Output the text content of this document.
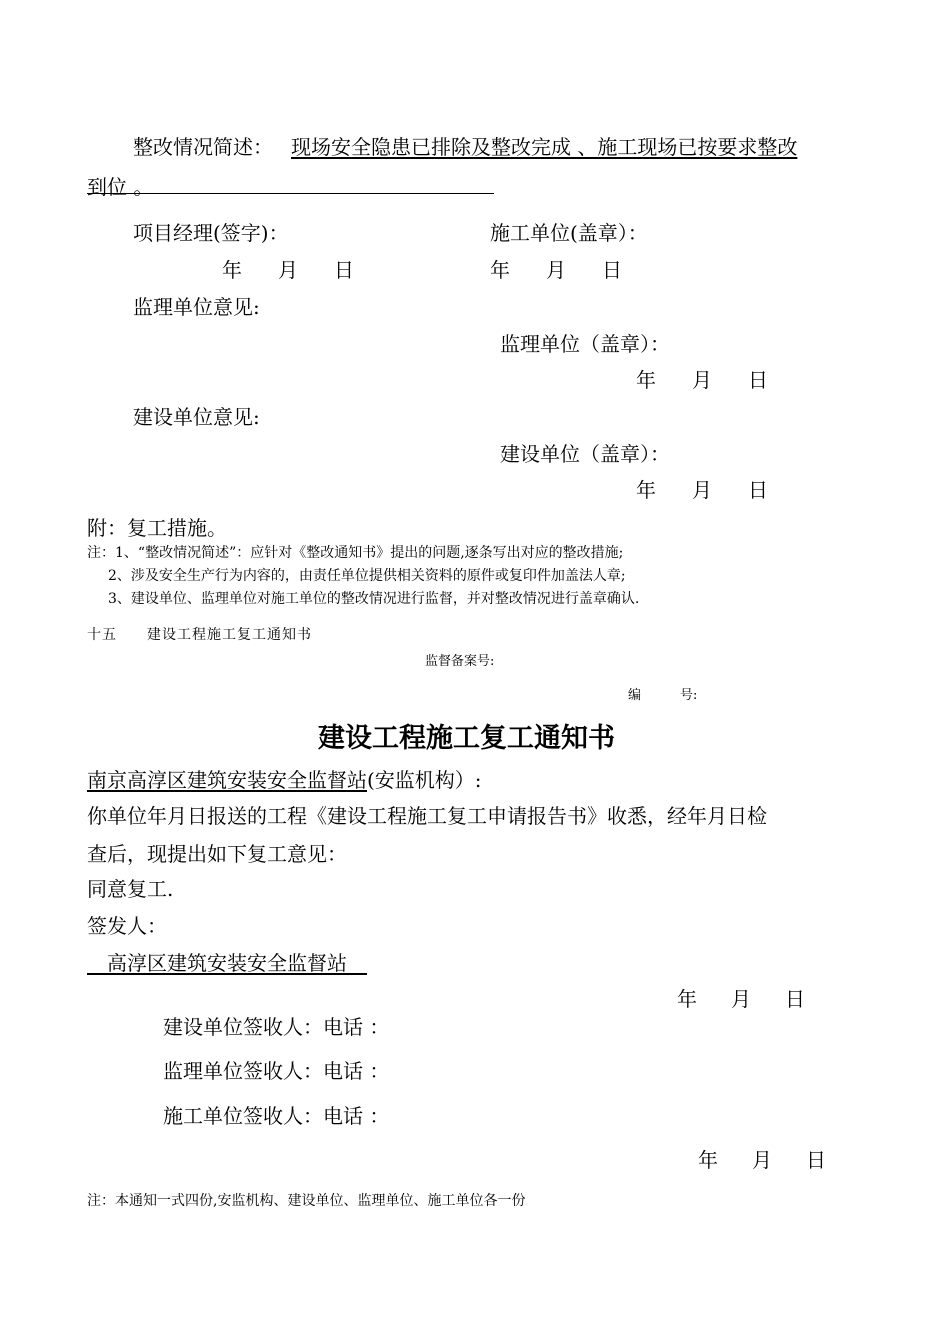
整改情况简述： 现场安全隐患已排除及整改完成 、施工现场已按要求整改
到位 。
项目经理(签字)：	施工单位(盖章）：
年 月 日	年 月 日
监理单位意见:
监理单位（盖章）：
年 月 日
建设单位意见:
建设单位（盖章）：
年 月 日
附：复工措施。
注：1、“整改情况简述”：应针对《整改通知书》提出的问题,逐条写出对应的整改措施;
2、涉及安全生产行为内容的，由责任单位提供相关资料的原件或复印件加盖法人章;
3、建设单位、监理单位对施工单位的整改情况进行监督，并对整改情况进行盖章确认.
十五　　建设工程施工复工通知书
监督备案号:
编　　　号:
建设工程施工复工通知书
南京高淳区建筑安装安全监督站(安监机构）:
你单位年月日报送的工程《建设工程施工复工申请报告书》收悉，经年月日检
查后，现提出如下复工意见：
同意复工.
签发人：
　高淳区建筑安装安全监督站　
年 月 日
建设单位签收人：电话 ：
监理单位签收人：电话 ：
施工单位签收人：电话 ：
年 月 日
注：本通知一式四份,安监机构、建设单位、监理单位、施工单位各一份
